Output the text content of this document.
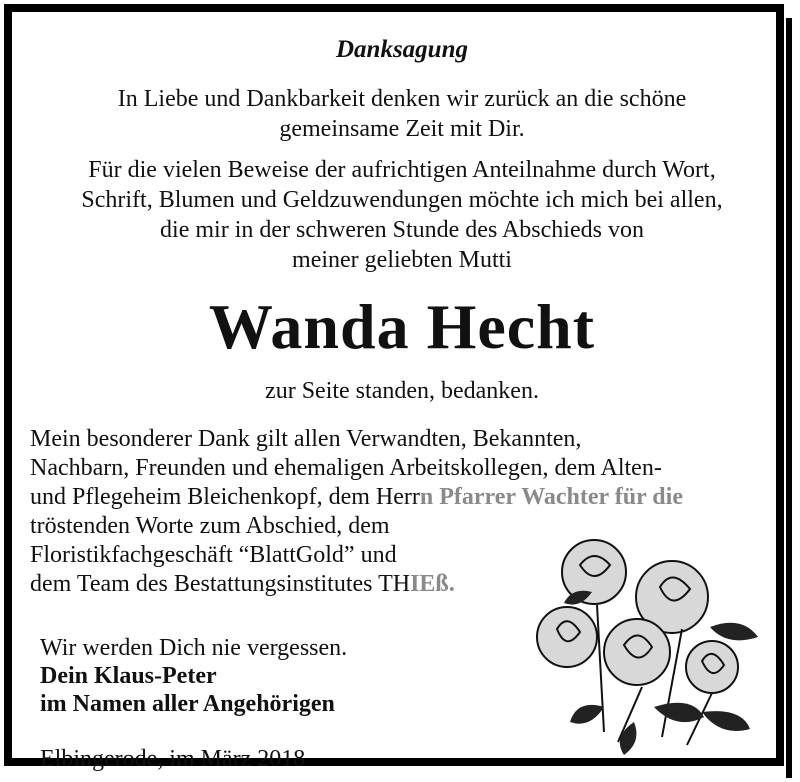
Danksagung
In Liebe und Dankbarkeit denken wir zurück an die schöne
gemeinsame Zeit mit Dir.
Für die vielen Beweise der aufrichtigen Anteilnahme durch Wort,
Schrift, Blumen und Geldzuwendungen möchte ich mich bei allen,
die mir in der schweren Stunde des Abschieds von
meiner geliebten Mutti
Wanda Hecht
zur Seite standen, bedanken.
Mein besonderer Dank gilt allen Verwandten, Bekannten,
Nachbarn, Freunden und ehemaligen Arbeitskollegen, dem Alten-
und Pflegeheim Bleichenkopf, dem Herrn Pfarrer Wachter für die
tröstenden Worte zum Abschied, dem
Floristikfachgeschäft “BlattGold” und
dem Team des Bestattungsinstitutes THIEß.
Wir werden Dich nie vergessen.
Dein Klaus-Peter
im Namen aller Angehörigen
Elbingerode, im März 2018
